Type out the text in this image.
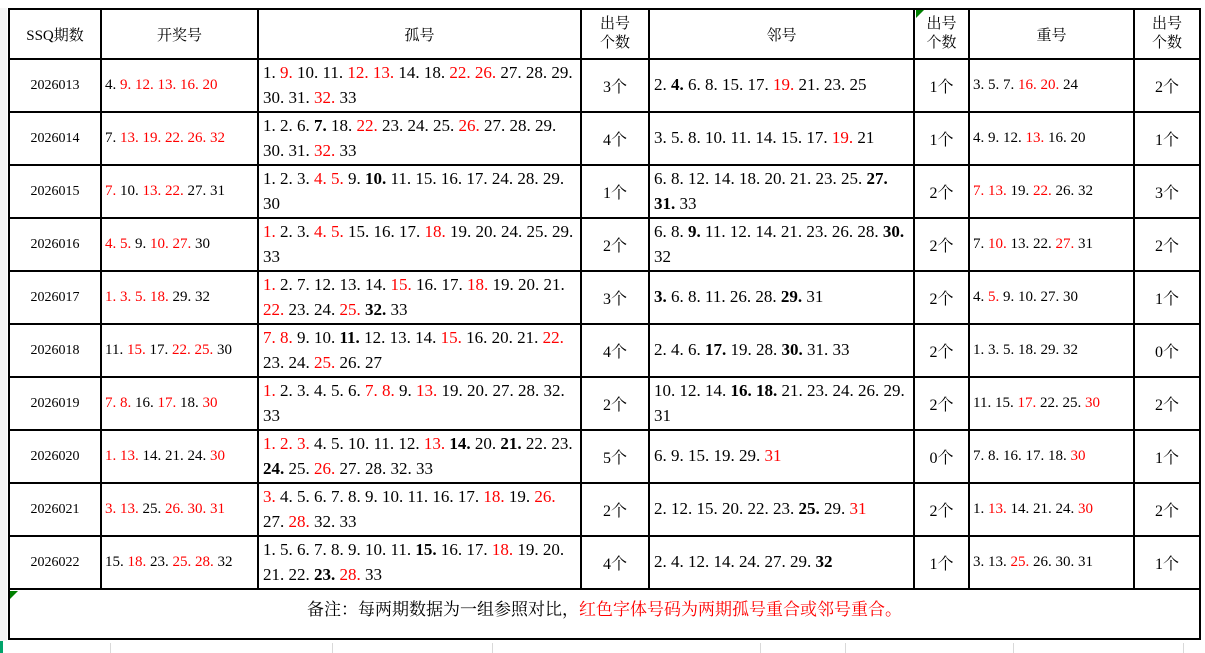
SSQ期数	开奖号	孤号	出号个数	邻号	出号个数	重号	出号个数
2026013	4. 9. 12. 13. 16. 20	1. 9. 10. 11. 12. 13. 14. 18. 22. 26. 27. 28. 29. 30. 31. 32. 33	3个	2. 4. 6. 8. 15. 17. 19. 21. 23. 25	1个	3. 5. 7. 16. 20. 24	2个
2026014	7. 13. 19. 22. 26. 32	1. 2. 6. 7. 18. 22. 23. 24. 25. 26. 27. 28. 29. 30. 31. 32. 33	4个	3. 5. 8. 10. 11. 14. 15. 17. 19. 21	1个	4. 9. 12. 13. 16. 20	1个
2026015	7. 10. 13. 22. 27. 31	1. 2. 3. 4. 5. 9. 10. 11. 15. 16. 17. 24. 28. 29. 30	1个	6. 8. 12. 14. 18. 20. 21. 23. 25. 27. 31. 33	2个	7. 13. 19. 22. 26. 32	3个
2026016	4. 5. 9. 10. 27. 30	1. 2. 3. 4. 5. 15. 16. 17. 18. 19. 20. 24. 25. 29. 33	2个	6. 8. 9. 11. 12. 14. 21. 23. 26. 28. 30. 32	2个	7. 10. 13. 22. 27. 31	2个
2026017	1. 3. 5. 18. 29. 32	1. 2. 7. 12. 13. 14. 15. 16. 17. 18. 19. 20. 21. 22. 23. 24. 25. 32. 33	3个	3. 6. 8. 11. 26. 28. 29. 31	2个	4. 5. 9. 10. 27. 30	1个
2026018	11. 15. 17. 22. 25. 30	7. 8. 9. 10. 11. 12. 13. 14. 15. 16. 20. 21. 22. 23. 24. 25. 26. 27	4个	2. 4. 6. 17. 19. 28. 30. 31. 33	2个	1. 3. 5. 18. 29. 32	0个
2026019	7. 8. 16. 17. 18. 30	1. 2. 3. 4. 5. 6. 7. 8. 9. 13. 19. 20. 27. 28. 32. 33	2个	10. 12. 14. 16. 18. 21. 23. 24. 26. 29. 31	2个	11. 15. 17. 22. 25. 30	2个
2026020	1. 13. 14. 21. 24. 30	1. 2. 3. 4. 5. 10. 11. 12. 13. 14. 20. 21. 22. 23. 24. 25. 26. 27. 28. 32. 33	5个	6. 9. 15. 19. 29. 31	0个	7. 8. 16. 17. 18. 30	1个
2026021	3. 13. 25. 26. 30. 31	3. 4. 5. 6. 7. 8. 9. 10. 11. 16. 17. 18. 19. 26. 27. 28. 32. 33	2个	2. 12. 15. 20. 22. 23. 25. 29. 31	2个	1. 13. 14. 21. 24. 30	2个
2026022	15. 18. 23. 25. 28. 32	1. 5. 6. 7. 8. 9. 10. 11. 15. 16. 17. 18. 19. 20. 21. 22. 23. 28. 33	4个	2. 4. 12. 14. 24. 27. 29. 32	1个	3. 13. 25. 26. 30. 31	1个
备注：每两期数据为一组参照对比，红色字体号码为两期孤号重合或邻号重合。							
